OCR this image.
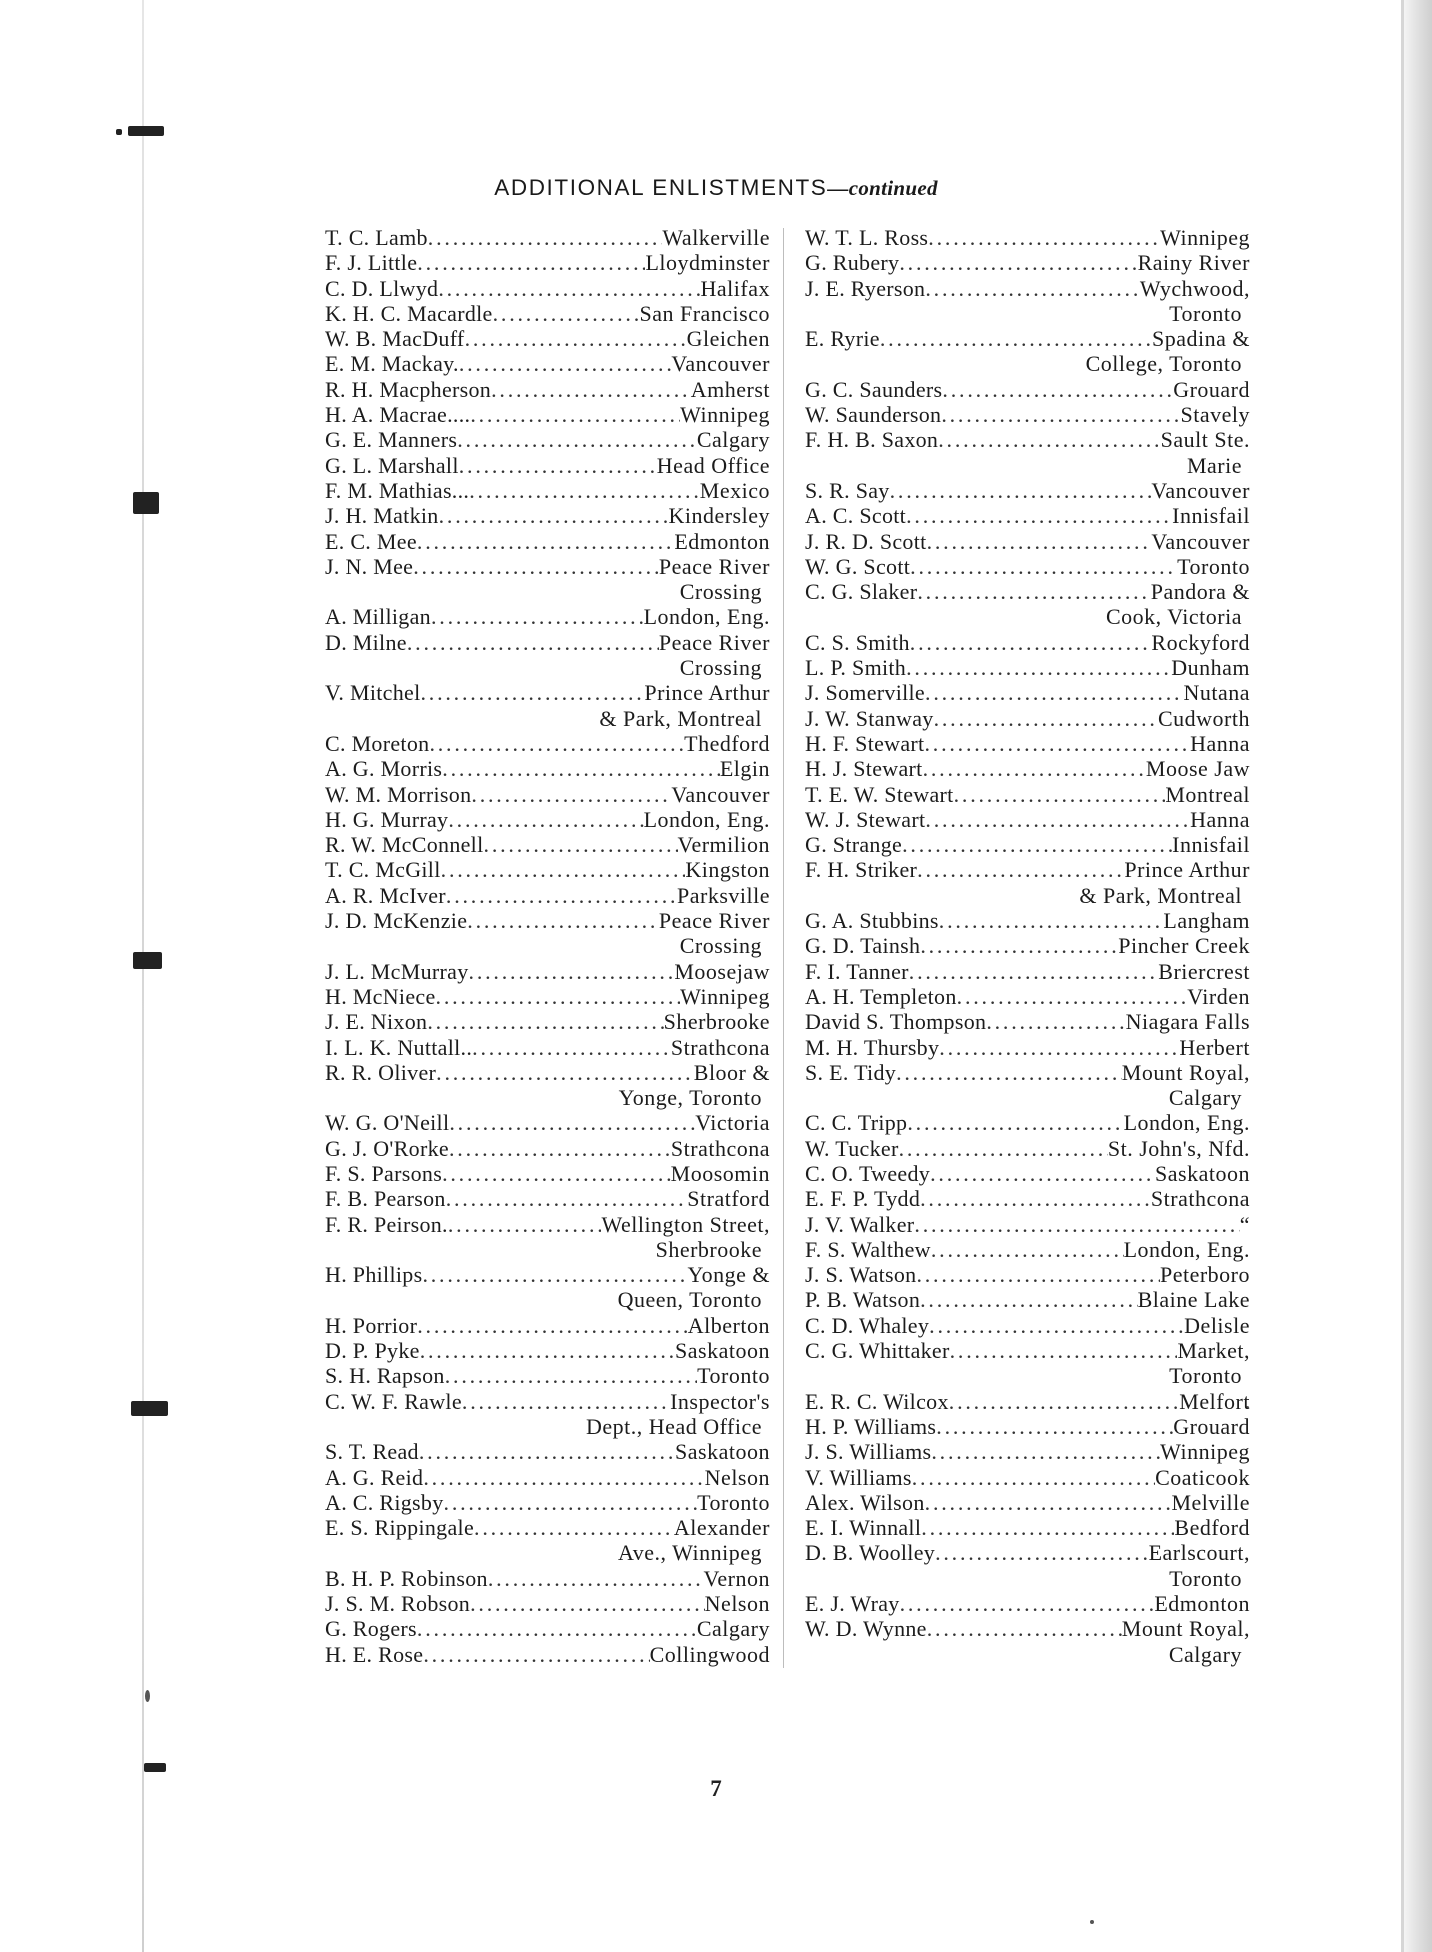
ADDITIONAL ENLISTMENTS—continued
T. C. Lamb .....	Walkerville
F. J. Little .....	Lloydminster
C. D. Llwyd .....	Halifax
K. H. C. Macardle .....	San Francisco
W. B. MacDuff .....	Gleichen
E. M. Mackay. .....	Vancouver
R. H. Macpherson .....	Amherst
H. A. Macrae.... .....	Winnipeg
G. E. Manners .....	Calgary
G. L. Marshall .....	Head Office
F. M. Mathias... .....	Mexico
J. H. Matkin .....	Kindersley
E. C. Mee .....	Edmonton
J. N. Mee .....	Peace River
Crossing
A. Milligan .....	London, Eng.
D. Milne .....	Peace River
Crossing
V. Mitchel .....	Prince Arthur
& Park, Montreal
C. Moreton .....	Thedford
A. G. Morris .....	Elgin
W. M. Morrison .....	Vancouver
H. G. Murray .....	London, Eng.
R. W. McConnell .....	Vermilion
T. C. McGill .....	Kingston
A. R. McIver .....	Parksville
J. D. McKenzie .....	Peace River
Crossing
J. L. McMurray .....	Moosejaw
H. McNiece .....	Winnipeg
J. E. Nixon .....	Sherbrooke
I. L. K. Nuttall.. .....	Strathcona
R. R. Oliver .....	Bloor &
Yonge, Toronto
W. G. O'Neill .....	Victoria
G. J. O'Rorke .....	Strathcona
F. S. Parsons .....	Moosomin
F. B. Pearson .....	Stratford
F. R. Peirson. .....	Wellington Street,
Sherbrooke
H. Phillips .....	Yonge &
Queen, Toronto
H. Porrior .....	Alberton
D. P. Pyke .....	Saskatoon
S. H. Rapson .....	Toronto
C. W. F. Rawle .....	Inspector's
Dept., Head Office
S. T. Read .....	Saskatoon
A. G. Reid .....	Nelson
A. C. Rigsby .....	Toronto
E. S. Rippingale .....	Alexander
Ave., Winnipeg
B. H. P. Robinson .....	Vernon
J. S. M. Robson .....	Nelson
G. Rogers .....	Calgary
H. E. Rose .....	Collingwood
W. T. L. Ross .....	Winnipeg
G. Rubery .....	Rainy River
J. E. Ryerson .....	Wychwood,
Toronto
E. Ryrie .....	Spadina &
College, Toronto
G. C. Saunders .....	Grouard
W. Saunderson .....	Stavely
F. H. B. Saxon .....	Sault Ste.
Marie
S. R. Say .....	Vancouver
A. C. Scott .....	Innisfail
J. R. D. Scott .....	Vancouver
W. G. Scott .....	Toronto
C. G. Slaker .....	Pandora &
Cook, Victoria
C. S. Smith .....	Rockyford
L. P. Smith .....	Dunham
J. Somerville .....	Nutana
J. W. Stanway .....	Cudworth
H. F. Stewart .....	Hanna
H. J. Stewart .....	Moose Jaw
T. E. W. Stewart .....	Montreal
W. J. Stewart .....	Hanna
G. Strange .....	Innisfail
F. H. Striker .....	Prince Arthur
& Park, Montreal
G. A. Stubbins .....	Langham
G. D. Tainsh .....	Pincher Creek
F. I. Tanner .....	Briercrest
A. H. Templeton .....	Virden
David S. Thompson .....	Niagara Falls
M. H. Thursby .....	Herbert
S. E. Tidy .....	Mount Royal,
Calgary
C. C. Tripp .....	London, Eng.
W. Tucker .....	St. John's, Nfd.
C. O. Tweedy .....	Saskatoon
E. F. P. Tydd .....	Strathcona
J. V. Walker .....	“
F. S. Walthew .....	London, Eng.
J. S. Watson .....	Peterboro
P. B. Watson .....	Blaine Lake
C. D. Whaley .....	Delisle
C. G. Whittaker .....	Market,
Toronto
E. R. C. Wilcox .....	Melfort
H. P. Williams .....	Grouard
J. S. Williams .....	Winnipeg
V. Williams .....	Coaticook
Alex. Wilson .....	Melville
E. I. Winnall .....	Bedford
D. B. Woolley .....	Earlscourt,
Toronto
E. J. Wray .....	Edmonton
W. D. Wynne .....	Mount Royal,
Calgary
7
